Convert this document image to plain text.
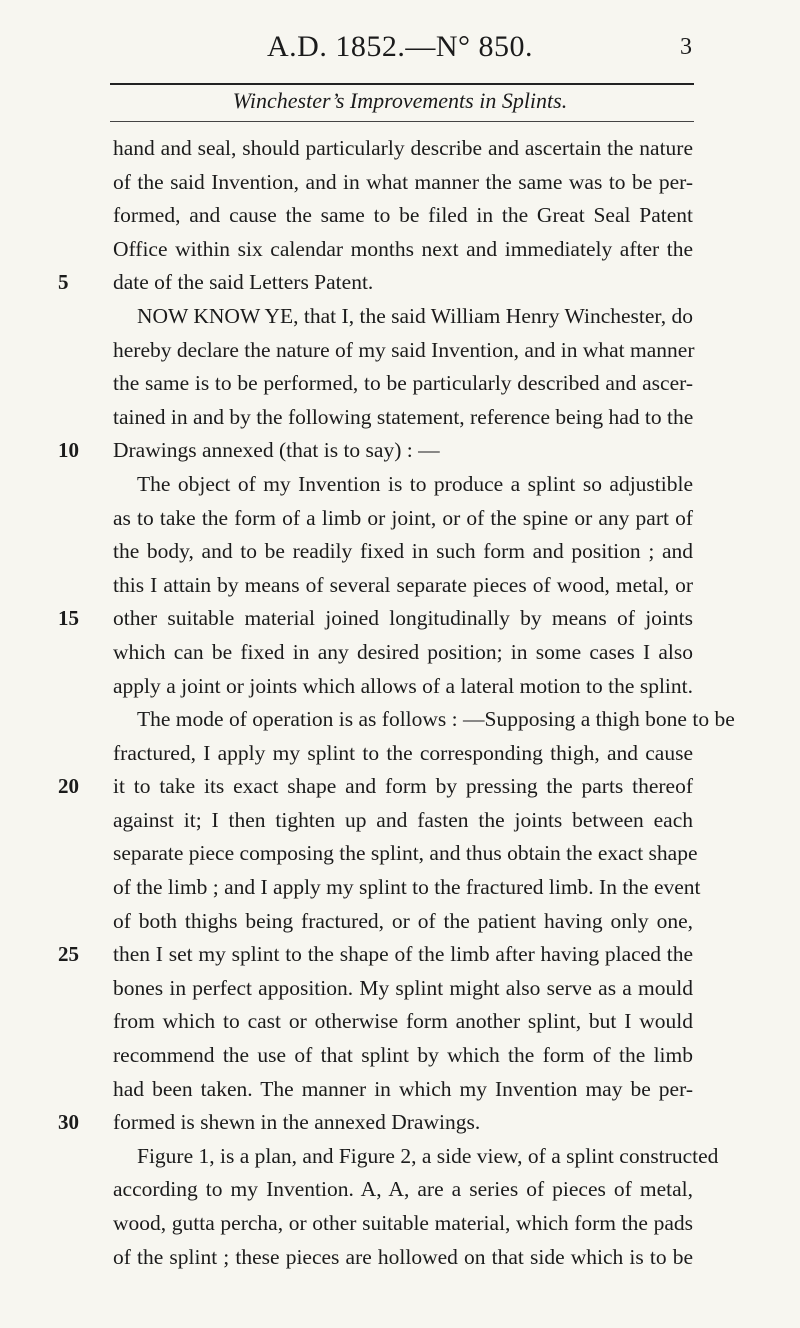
A.D. 1852.—N° 850.	3
Winchester’s Improvements in Splints.
5
10
15
20
25
30
hand and seal, should particularly describe and ascertain the nature
of the said Invention, and in what manner the same was to be per-
formed, and cause the same to be filed in the Great Seal Patent
Office within six calendar months next and immediately after the
date of the said Letters Patent.
NOW KNOW YE, that I, the said William Henry Winchester, do
hereby declare the nature of my said Invention, and in what manner
the same is to be performed, to be particularly described and ascer-
tained in and by the following statement, reference being had to the
Drawings annexed (that is to say) : —
The object of my Invention is to produce a splint so adjustible
as to take the form of a limb or joint, or of the spine or any part of
the body, and to be readily fixed in such form and position ; and
this I attain by means of several separate pieces of wood, metal, or
other suitable material joined longitudinally by means of joints
which can be fixed in any desired position; in some cases I also
apply a joint or joints which allows of a lateral motion to the splint.
The mode of operation is as follows : —Supposing a thigh bone to be
fractured, I apply my splint to the corresponding thigh, and cause
it to take its exact shape and form by pressing the parts thereof
against it; I then tighten up and fasten the joints between each
separate piece composing the splint, and thus obtain the exact shape
of the limb ; and I apply my splint to the fractured limb. In the event
of both thighs being fractured, or of the patient having only one,
then I set my splint to the shape of the limb after having placed the
bones in perfect apposition. My splint might also serve as a mould
from which to cast or otherwise form another splint, but I would
recommend the use of that splint by which the form of the limb
had been taken. The manner in which my Invention may be per-
formed is shewn in the annexed Drawings.
Figure 1, is a plan, and Figure 2, a side view, of a splint constructed
according to my Invention. A, A, are a series of pieces of metal,
wood, gutta percha, or other suitable material, which form the pads
of the splint ; these pieces are hollowed on that side which is to be
